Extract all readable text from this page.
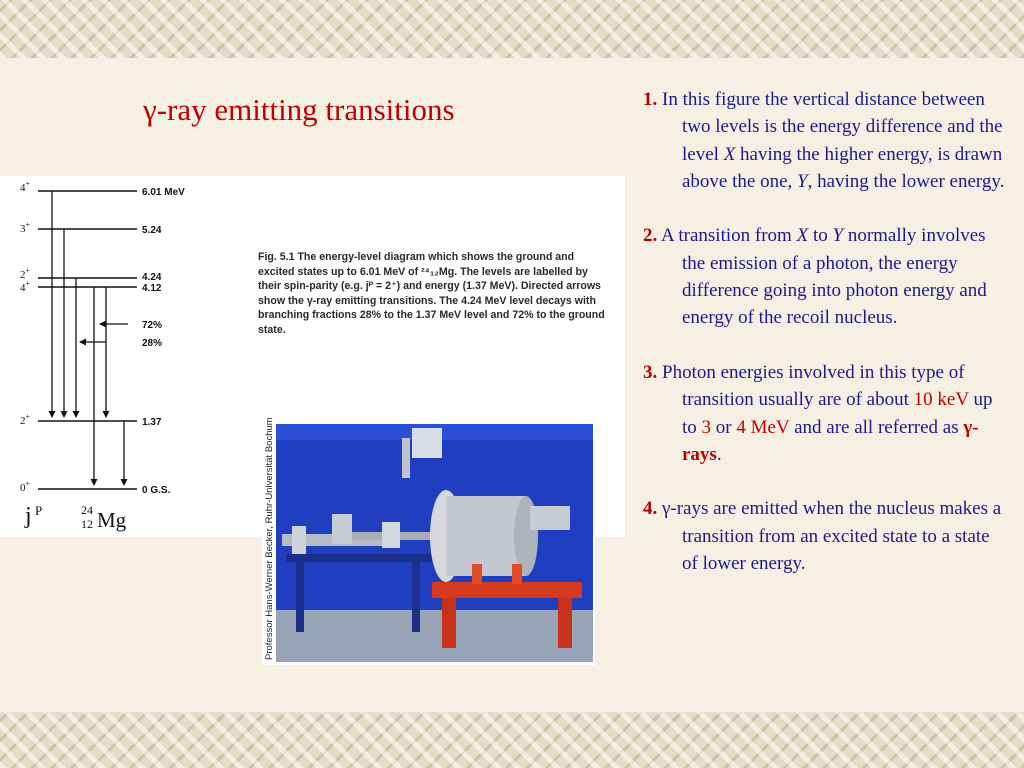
γ-ray emitting transitions
4+
3+
2+
4+
2+
0+
6.01 MeV
5.24
4.24
4.12
72%
28%
1.37
0 G.S.

Fig. 5.1 The energy-level diagram which shows the ground and excited states up to 6.01 MeV of ²⁴₁₂Mg. The levels are labelled by their spin-parity (e.g. jᴾ = 2⁺) and energy (1.37 MeV). Directed arrows show the γ-ray emitting transitions. The 4.24 MeV level decays with branching fractions 28% to the 1.37 MeV level and 72% to the ground state.

j P	24
12 Mg	Professor Hans-Werner Becker, Ruhr-Universität Bochum

1. In this figure the vertical distance between two levels is the energy difference and the level X having the higher energy, is drawn above the one, Y, having the lower energy.

2. A transition from X to Y normally involves the emission of a photon, the energy difference going into photon energy and energy of the recoil nucleus.

3. Photon energies involved in this type of transition usually are of about 10 keV up to 3 or 4 MeV and are all referred as γ-rays.

4. γ-rays are emitted when the nucleus makes a transition from an excited state to a state of lower energy.
